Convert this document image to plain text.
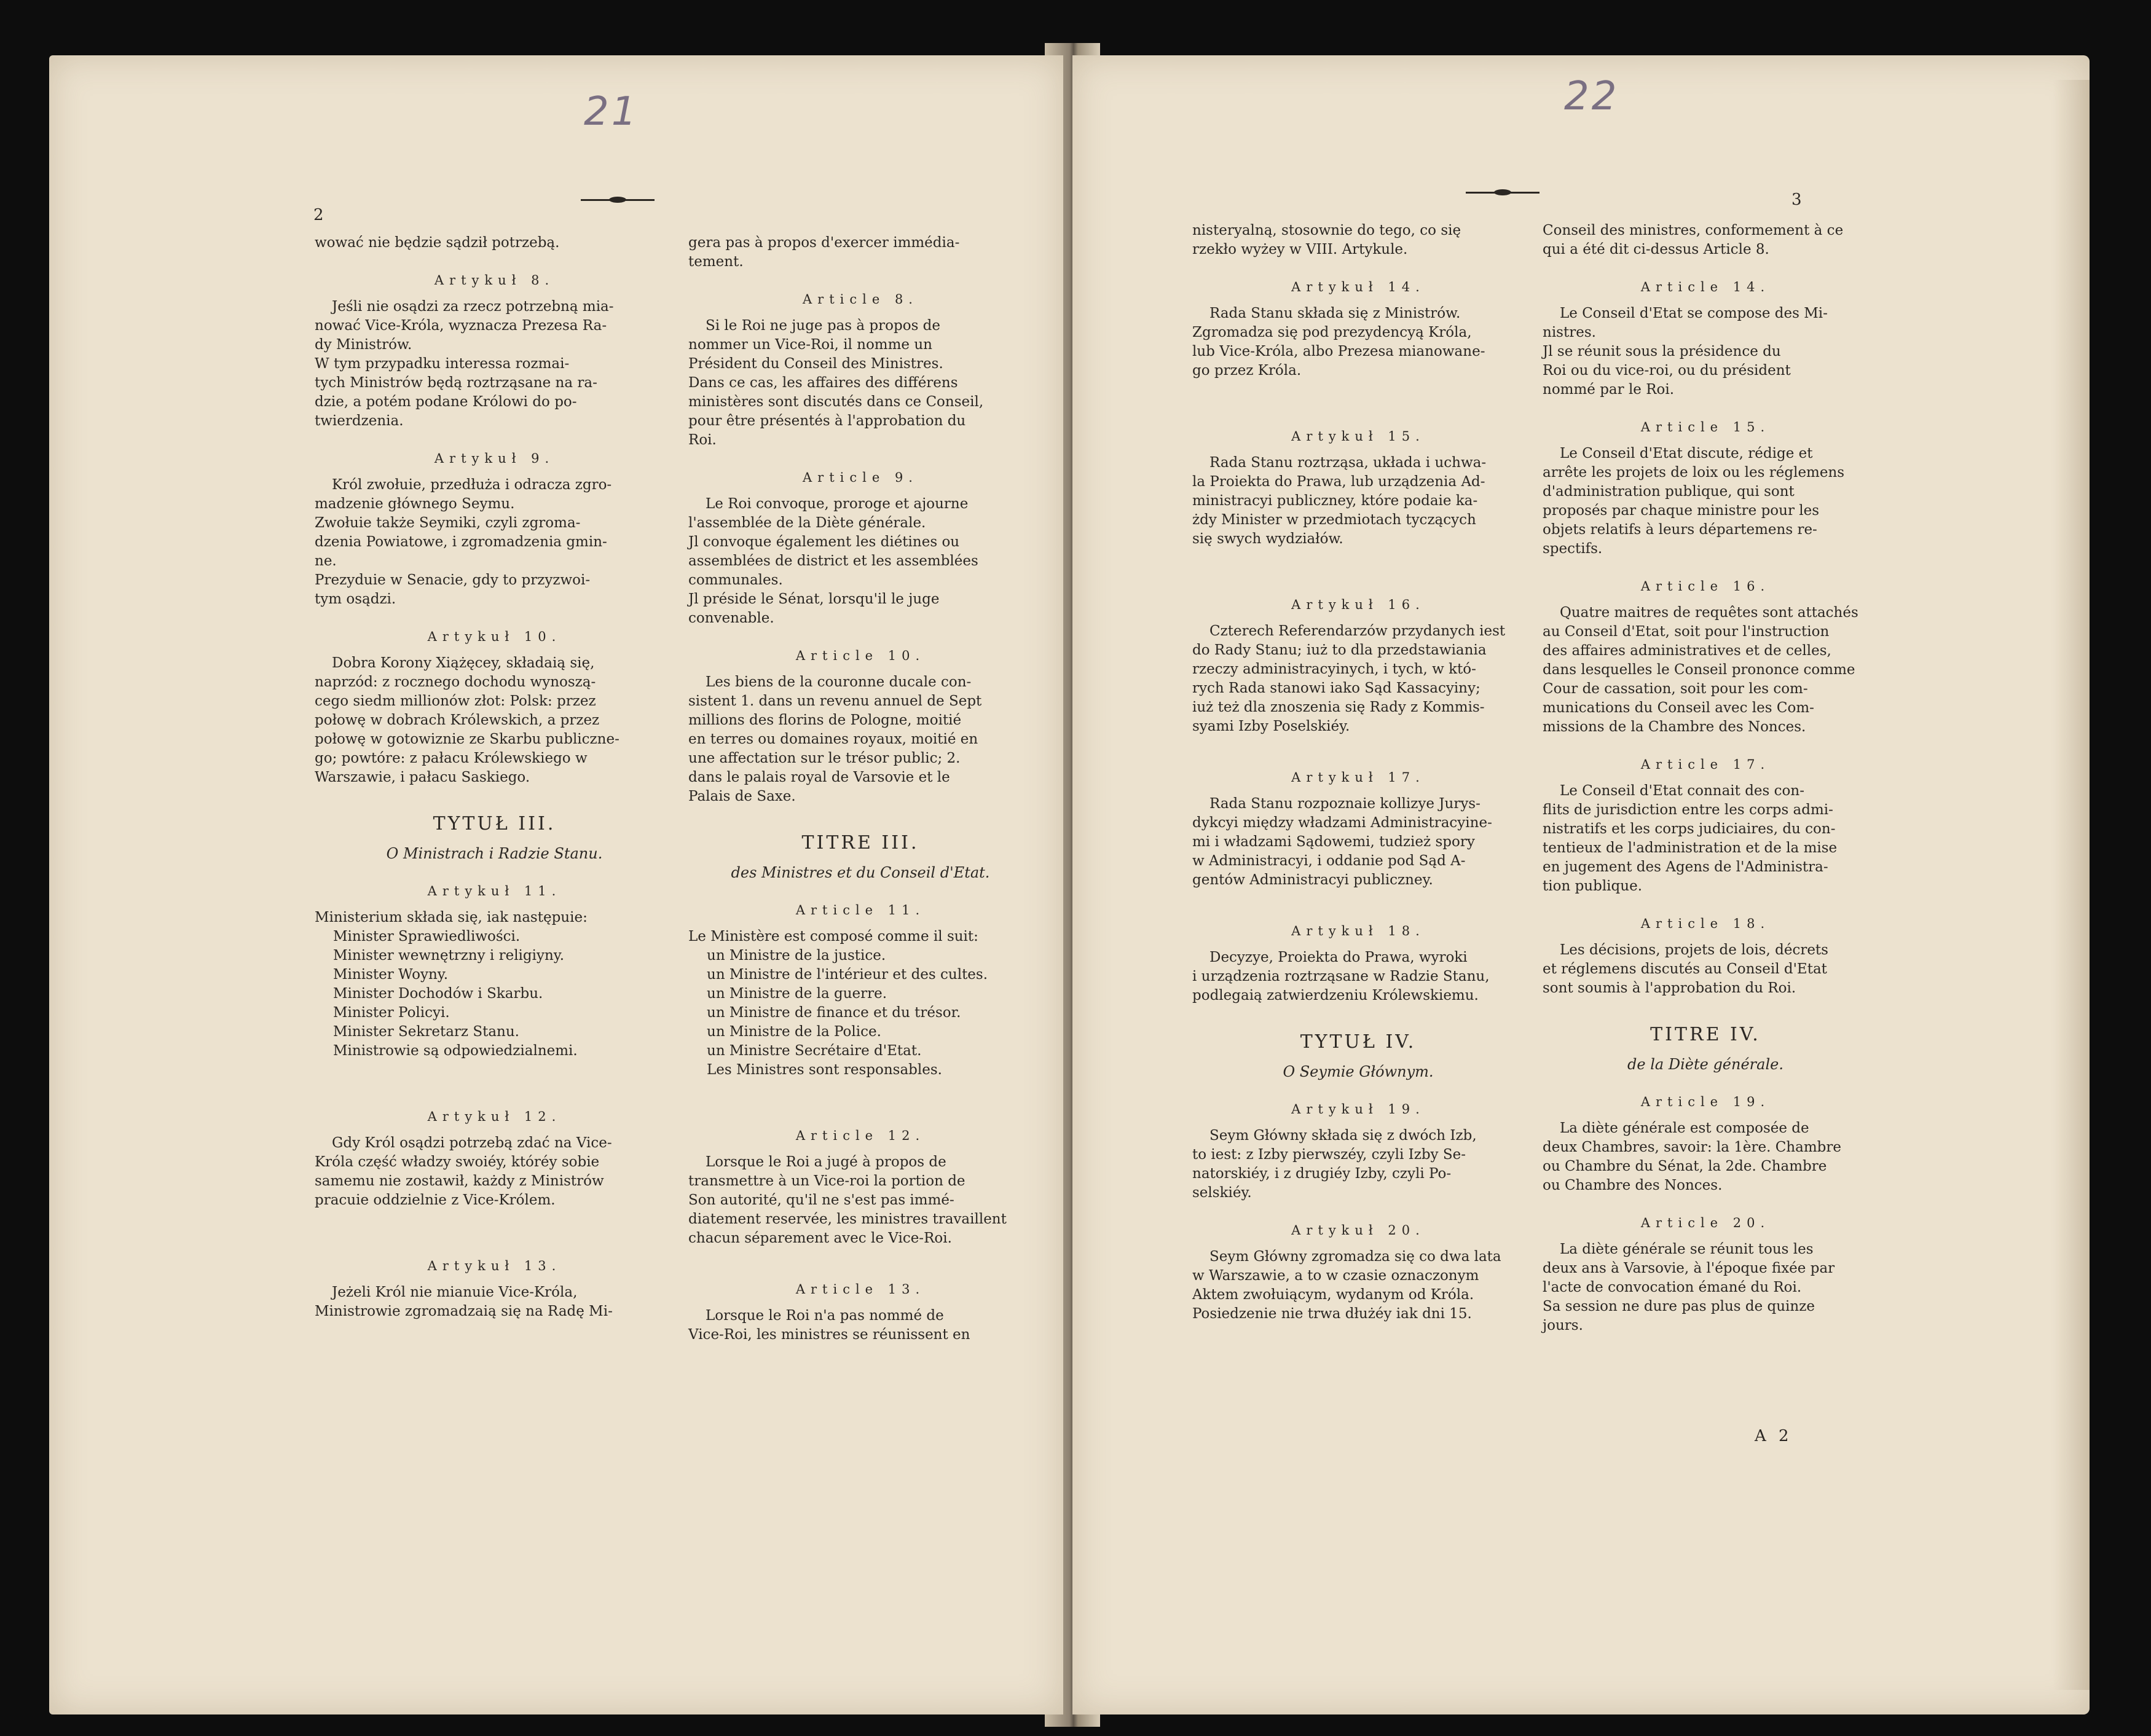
21
2

wować nie będzie sądził potrzebą.

Artykuł 8.

Jeśli nie osądzi za rzecz potrzebną mia-

nować Vice-Króla, wyznacza Prezesa Ra-

dy Ministrów.

W tym przypadku interessa rozmai-

tych Ministrów będą roztrząsane na ra-

dzie, a potém podane Królowi do po-

twierdzenia.

Artykuł 9.

Król zwołuie, przedłuża i odracza zgro-

madzenie głównego Seymu.

Zwołuie także Seymiki, czyli zgroma-

dzenia Powiatowe, i zgromadzenia gmin-

ne.

Prezyduie w Senacie, gdy to przyzwoi-

tym osądzi.

Artykuł 10.

Dobra Korony Xiążęcey, składaią się,

naprzód: z rocznego dochodu wynoszą-

cego siedm millionów złot: Polsk: przez

połowę w dobrach Królewskich, a przez

połowę w gotowiznie ze Skarbu publiczne-

go; powtóre: z pałacu Królewskiego w

Warszawie, i pałacu Saskiego.

TYTUŁ III.
O Ministrach i Radzie Stanu.
Artykuł 11.

Ministerium składa się, iak następuie:

Minister Sprawiedliwości.

Minister wewnętrzny i religiyny.

Minister Woyny.

Minister Dochodów i Skarbu.

Minister Policyi.

Minister Sekretarz Stanu.

Ministrowie są odpowiedzialnemi.

Artykuł 12.

Gdy Król osądzi potrzebą zdać na Vice-

Króla część władzy swoiéy, któréy sobie

samemu nie zostawił, każdy z Ministrów

pracuie oddzielnie z Vice-Królem.

Artykuł 13.

Jeżeli Król nie mianuie Vice-Króla,

Ministrowie zgromadzaią się na Radę Mi-

gera pas à propos d'exercer immédia-

tement.

Article 8.

Si le Roi ne juge pas à propos de

nommer un Vice-Roi, il nomme un

Président du Conseil des Ministres.

Dans ce cas, les affaires des différens

ministères sont discutés dans ce Conseil,

pour être présentés à l'approbation du

Roi.

Article 9.

Le Roi convoque, proroge et ajourne

l'assemblée de la Diète générale.

Jl convoque également les diétines ou

assemblées de district et les assemblées

communales.

Jl préside le Sénat, lorsqu'il le juge

convenable.

Article 10.

Les biens de la couronne ducale con-

sistent 1. dans un revenu annuel de Sept

millions des florins de Pologne, moitié

en terres ou domaines royaux, moitié en

une affectation sur le trésor public; 2.

dans le palais royal de Varsovie et le

Palais de Saxe.

TITRE III.
des Ministres et du Conseil d'Etat.
Article 11.

Le Ministère est composé comme il suit:

un Ministre de la justice.

un Ministre de l'intérieur et des cultes.

un Ministre de la guerre.

un Ministre de finance et du trésor.

un Ministre de la Police.

un Ministre Secrétaire d'Etat.

Les Ministres sont responsables.

Article 12.

Lorsque le Roi a jugé à propos de

transmettre à un Vice-roi la portion de

Son autorité, qu'il ne s'est pas immé-

diatement reservée, les ministres travaillent

chacun séparement avec le Vice-Roi.

Article 13.

Lorsque le Roi n'a pas nommé de

Vice-Roi, les ministres se réunissent en

22
3

nisteryalną, stosownie do tego, co się

rzekło wyżey w VIII. Artykule.

Artykuł 14.

Rada Stanu składa się z Ministrów.

Zgromadza się pod prezydencyą Króla,

lub Vice-Króla, albo Prezesa mianowane-

go przez Króla.

Artykuł 15.

Rada Stanu roztrząsa, układa i uchwa-

la Proiekta do Prawa, lub urządzenia Ad-

ministracyi publiczney, które podaie ka-

żdy Minister w przedmiotach tyczących

się swych wydziałów.

Artykuł 16.

Czterech Referendarzów przydanych iest

do Rady Stanu; iuż to dla przedstawiania

rzeczy administracyinych, i tych, w któ-

rych Rada stanowi iako Sąd Kassacyiny;

iuż też dla znoszenia się Rady z Kommis-

syami Izby Poselskiéy.

Artykuł 17.

Rada Stanu rozpoznaie kollizye Jurys-

dykcyi między władzami Administracyine-

mi i władzami Sądowemi, tudzież spory

w Administracyi, i oddanie pod Sąd A-

gentów Administracyi publiczney.

Artykuł 18.

Decyzye, Proiekta do Prawa, wyroki

i urządzenia roztrząsane w Radzie Stanu,

podlegaią zatwierdzeniu Królewskiemu.

TYTUŁ IV.
O Seymie Głównym.
Artykuł 19.

Seym Główny składa się z dwóch Izb,

to iest: z Izby pierwszéy, czyli Izby Se-

natorskiéy, i z drugiéy Izby, czyli Po-

selskiéy.

Artykuł 20.

Seym Główny zgromadza się co dwa lata

w Warszawie, a to w czasie oznaczonym

Aktem zwołuiącym, wydanym od Króla.

Posiedzenie nie trwa dłużéy iak dni 15.

Conseil des ministres, conformement à ce

qui a été dit ci-dessus Article 8.

Article 14.

Le Conseil d'Etat se compose des Mi-

nistres.

Jl se réunit sous la présidence du

Roi ou du vice-roi, ou du président

nommé par le Roi.

Article 15.

Le Conseil d'Etat discute, rédige et

arrête les projets de loix ou les réglemens

d'administration publique, qui sont

proposés par chaque ministre pour les

objets relatifs à leurs départemens re-

spectifs.

Article 16.

Quatre maitres de requêtes sont attachés

au Conseil d'Etat, soit pour l'instruction

des affaires administratives et de celles,

dans lesquelles le Conseil prononce comme

Cour de cassation, soit pour les com-

munications du Conseil avec les Com-

missions de la Chambre des Nonces.

Article 17.

Le Conseil d'Etat connait des con-

flits de jurisdiction entre les corps admi-

nistratifs et les corps judiciaires, du con-

tentieux de l'administration et de la mise

en jugement des Agens de l'Administra-

tion publique.

Article 18.

Les décisions, projets de lois, décrets

et réglemens discutés au Conseil d'Etat

sont soumis à l'approbation du Roi.

TITRE IV.
de la Diète générale.
Article 19.

La diète générale est composée de

deux Chambres, savoir: la 1ère. Chambre

ou Chambre du Sénat, la 2de. Chambre

ou Chambre des Nonces.

Article 20.

La diète générale se réunit tous les

deux ans à Varsovie, à l'époque fixée par

l'acte de convocation émané du Roi.

Sa session ne dure pas plus de quinze

jours.

A 2
